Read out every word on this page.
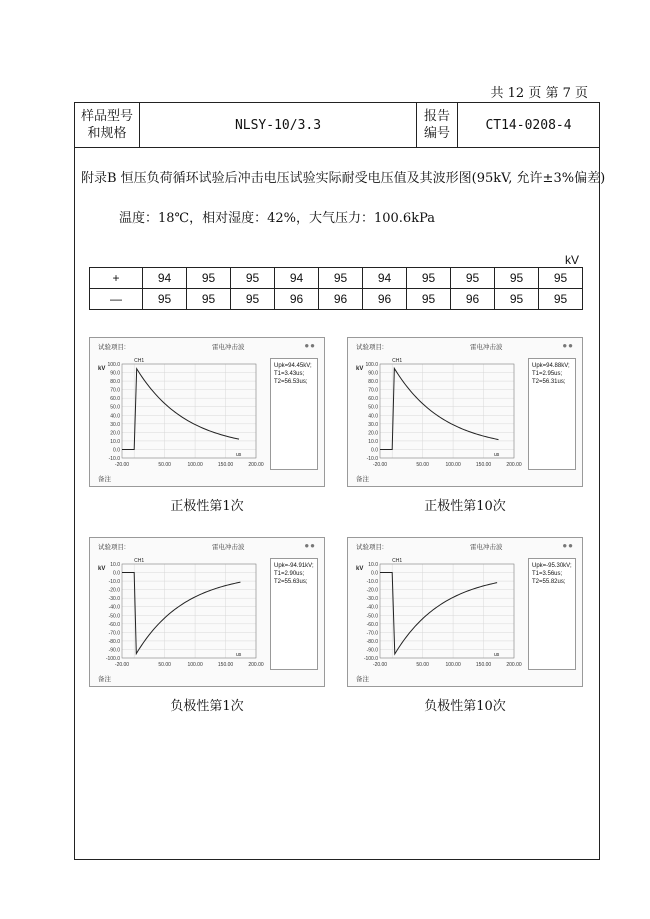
共 12 页 第 7 页
样品型号
和规格
NLSY-10/3.3
报告
编号
CT14-0208-4
附录B 恒压负荷循环试验后冲击电压试验实际耐受电压值及其波形图(95kV, 允许±3%偏差)
温度：18℃，相对湿度：42%，大气压力：100.6kPa
kV
+	94	95	95	94	95	94	95	95	95	95
—	95	95	95	96	96	96	95	96	95	95
试验项目:	雷电冲击波	●●
备注
Upk=94.45kV;
T1=3.43us;
T2=56.53us;
100.0
90.0
80.0
70.0
60.0
50.0
40.0
30.0
20.0
10.0
0.0
-10.0
-20.00	50.00	100.00	150.00	200.00
kV
us
CH1
正极性第1次
试验项目:	雷电冲击波	●●
备注
Upk=94.88kV;
T1=2.95us;
T2=56.31us;
100.0
90.0
80.0
70.0
60.0
50.0
40.0
30.0
20.0
10.0
0.0
-10.0
-20.00	50.00	100.00	150.00	200.00
kV
us
CH1
正极性第10次
试验项目:	雷电冲击波	●●
备注
Upk=-94.91kV;
T1=2.90us;
T2=55.63us;
10.0
0.0
-10.0
-20.0
-30.0
-40.0
-50.0
-60.0
-70.0
-80.0
-90.0
-100.0
-20.00	50.00	100.00	150.00	200.00
kV
us
CH1
负极性第1次
试验项目:	雷电冲击波	●●
备注
Upk=-95.30kV;
T1=3.56us;
T2=55.82us;
10.0
0.0
-10.0
-20.0
-30.0
-40.0
-50.0
-60.0
-70.0
-80.0
-90.0
-100.0
-20.00	50.00	100.00	150.00	200.00
kV
us
CH1
负极性第10次
